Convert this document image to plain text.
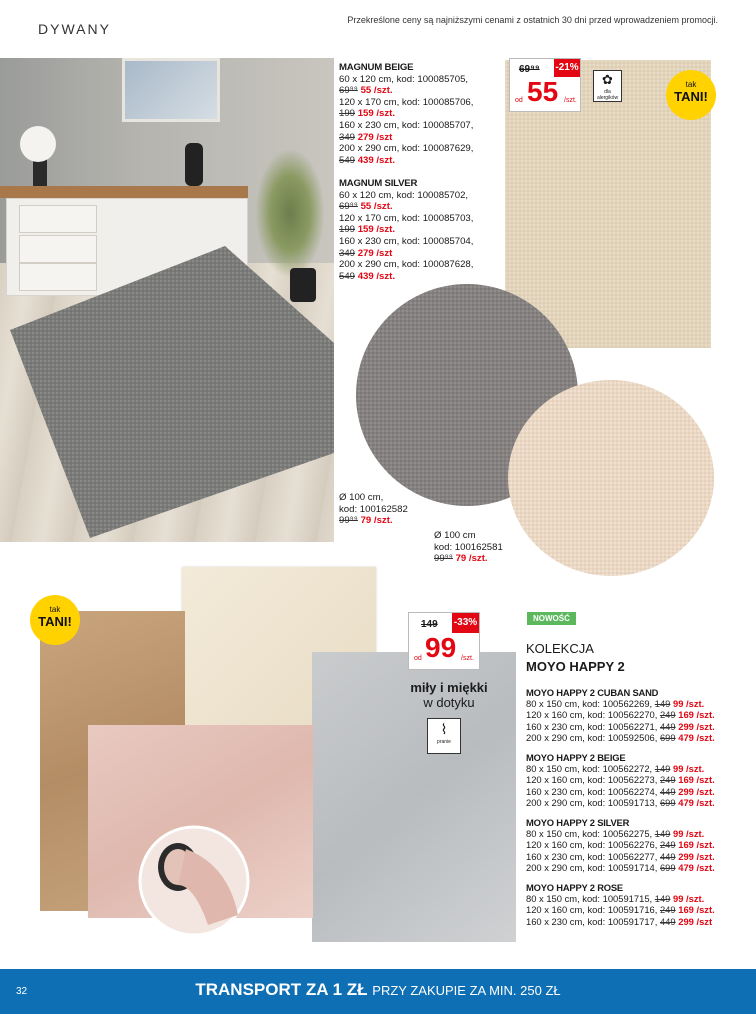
DYWANY
Przekreślone ceny są najniższymi cenami z ostatnich 30 dni przed wprowadzeniem promocji.
MAGNUM BEIGE
60 x 120 cm, kod: 100085705,
69⁹⁹ 55 /szt.
120 x 170 cm, kod: 100085706,
199 159 /szt.
160 x 230 cm, kod: 100085707,
349 279 /szt
200 x 290 cm, kod: 100087629,
549 439 /szt.
MAGNUM SILVER
60 x 120 cm, kod: 100085702,
69⁹⁹ 55 /szt.
120 x 170 cm, kod: 100085703,
199 159 /szt.
160 x 230 cm, kod: 100085704,
349 279 /szt
200 x 290 cm, kod: 100087628,
549 439 /szt.
69⁹⁹ -21%
od 55 /szt.
✿
dla alergików
tak
TANI!
Ø 100 cm,
kod: 100162582
99⁹⁹ 79 /szt.
Ø 100 cm
kod: 100162581
99⁹⁹ 79 /szt.
tak
TANI!	149 -33%
od 99 /szt.
miły i miękki
w dotyku
⌇
pranie
NOWOŚĆ
KOLEKCJA
MOYO HAPPY 2
MOYO HAPPY 2 CUBAN SAND
80 x 150 cm, kod: 100562269, 149 99 /szt.
120 x 160 cm, kod: 100562270, 249 169 /szt.
160 x 230 cm, kod: 100562271, 449 299 /szt.
200 x 290 cm, kod: 100592506, 699 479 /szt.
MOYO HAPPY 2 BEIGE
80 x 150 cm, kod: 100562272, 149 99 /szt.
120 x 160 cm, kod: 100562273, 249 169 /szt.
160 x 230 cm, kod: 100562274, 449 299 /szt.
200 x 290 cm, kod: 100591713, 699 479 /szt.
MOYO HAPPY 2 SILVER
80 x 150 cm, kod: 100562275, 149 99 /szt.
120 x 160 cm, kod: 100562276, 249 169 /szt.
160 x 230 cm, kod: 100562277, 449 299 /szt.
200 x 290 cm, kod: 100591714, 699 479 /szt.
MOYO HAPPY 2 ROSE
80 x 150 cm, kod: 100591715, 149 99 /szt.
120 x 160 cm, kod: 100591716, 249 169 /szt.
160 x 230 cm, kod: 100591717, 449 299 /szt
32	TRANSPORT ZA 1 ZŁ PRZY ZAKUPIE ZA MIN. 250 ZŁ
